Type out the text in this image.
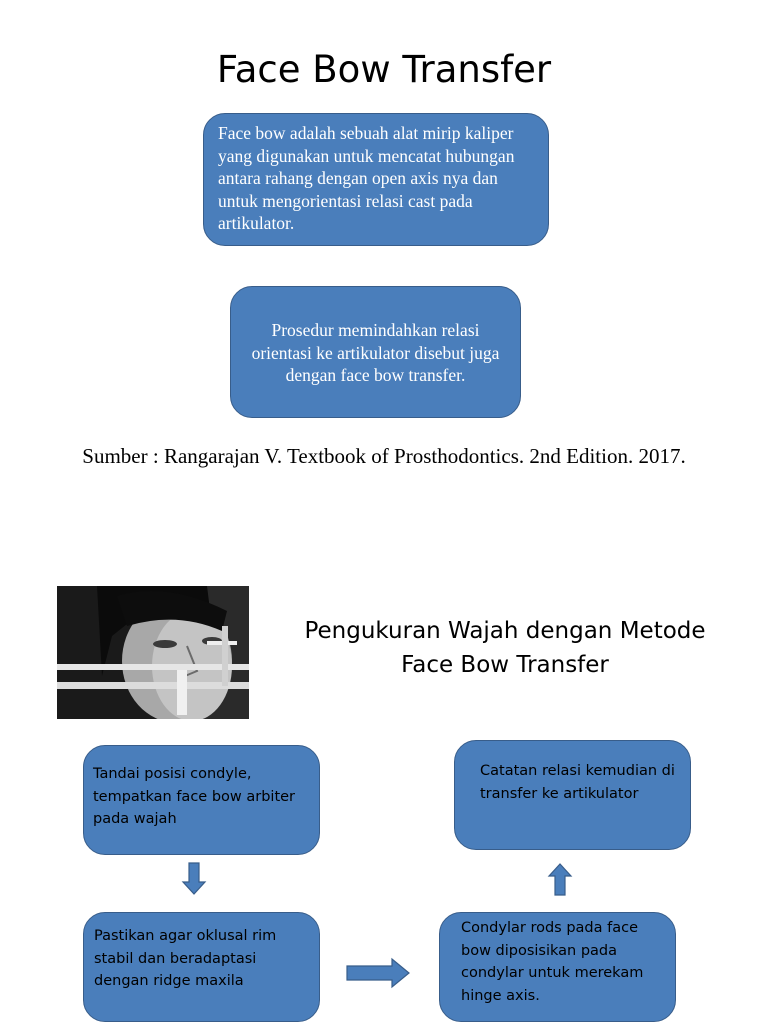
Face Bow Transfer
Face bow adalah sebuah alat mirip kaliper yang digunakan untuk mencatat hubungan antara rahang dengan open axis nya dan untuk mengorientasi relasi cast pada artikulator.
Prosedur memindahkan relasi orientasi ke artikulator disebut juga dengan face bow transfer.
Sumber : Rangarajan V. Textbook of Prosthodontics. 2nd Edition. 2017.
Pengukuran Wajah dengan Metode
Face Bow Transfer
Tandai posisi condyle, tempatkan face bow arbiter pada wajah
Pastikan agar oklusal rim stabil dan beradaptasi dengan ridge maxila
Condylar rods pada face bow diposisikan pada condylar untuk merekam hinge axis.
Catatan relasi kemudian di transfer ke artikulator
